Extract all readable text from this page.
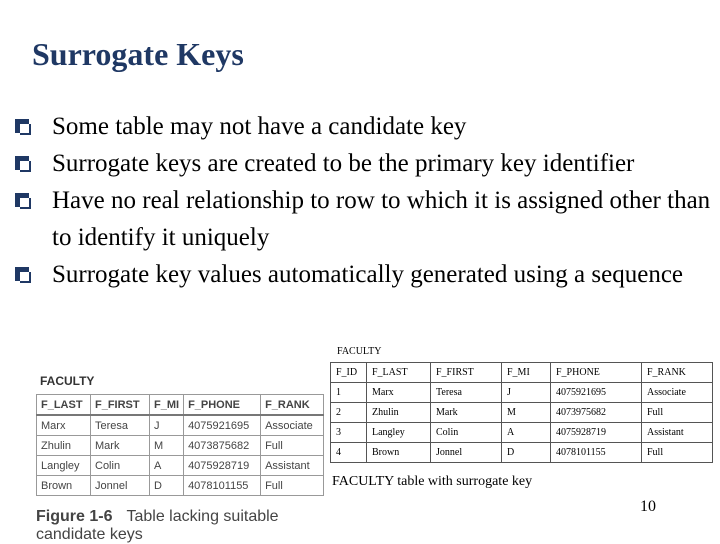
Surrogate Keys
Some table may not have a candidate key
Surrogate keys are created to be the primary key identifier
Have no real relationship to row to which it is assigned other than to identify it uniquely
Surrogate key values automatically generated using a sequence
FACULTY
F_LAST	F_FIRST	F_MI	F_PHONE	F_RANK
Marx	Teresa	J	4075921695	Associate
Zhulin	Mark	M	4073875682	Full
Langley	Colin	A	4075928719	Assistant
Brown	Jonnel	D	4078101155	Full
Figure 1-6 Table lacking suitable candidate keys
FACULTY
F_ID	F_LAST	F_FIRST	F_MI	F_PHONE	F_RANK
1	Marx	Teresa	J	4075921695	Associate
2	Zhulin	Mark	M	4073975682	Full
3	Langley	Colin	A	4075928719	Assistant
4	Brown	Jonnel	D	4078101155	Full
FACULTY table with surrogate key
10
